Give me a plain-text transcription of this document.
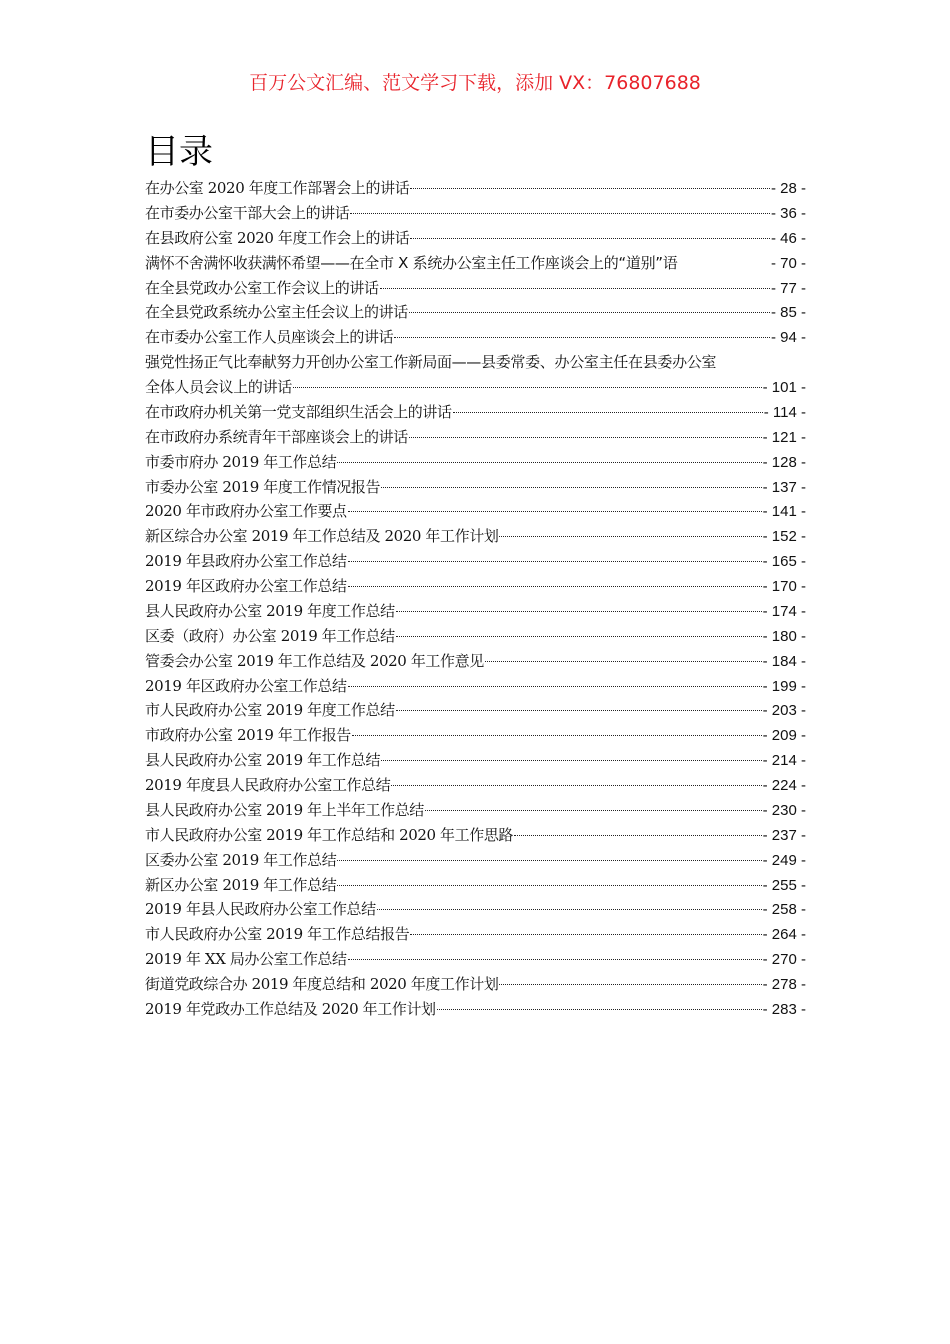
百万公文汇编、范文学习下载，添加 VX：76807688
目录
在办公室 2020 年度工作部署会上的讲话	- 28 -
在市委办公室干部大会上的讲话	- 36 -
在县政府公室 2020 年度工作会上的讲话	- 46 -
满怀不舍满怀收获满怀希望 ——在全市 X 系统办公室主任工作座谈会上的“道别”语	- 70 -
在全县党政办公室工作会议上的讲话	- 77 -
在全县党政系统办公室主任会议上的讲话	- 85 -
在市委办公室工作人员座谈会上的讲话	- 94 -
强党性扬正气比奉献努力开创办公室工作新局面 ——县委常委、办公室主任在县委办公室
全体人员会议上的讲话	- 101 -
在市政府办机关第一党支部组织生活会上的讲话	- 114 -
在市政府办系统青年干部座谈会上的讲话	- 121 -
市委市府办 2019 年工作总结	- 128 -
市委办公室 2019 年度工作情况报告	- 137 -
2020 年市政府办公室工作要点	- 141 -
新区综合办公室 2019 年工作总结及 2020 年工作计划	- 152 -
2019 年县政府办公室工作总结	- 165 -
2019 年区政府办公室工作总结	- 170 -
县人民政府办公室 2019 年度工作总结	- 174 -
区委（政府）办公室 2019 年工作总结	- 180 -
管委会办公室 2019 年工作总结及 2020 年工作意见	- 184 -
2019 年区政府办公室工作总结	- 199 -
市人民政府办公室 2019 年度工作总结	- 203 -
市政府办公室 2019 年工作报告	- 209 -
县人民政府办公室 2019 年工作总结	- 214 -
2019 年度县人民政府办公室工作总结	- 224 -
县人民政府办公室 2019 年上半年工作总结	- 230 -
市人民政府办公室 2019 年工作总结和 2020 年工作思路	- 237 -
区委办公室 2019 年工作总结	- 249 -
新区办公室 2019 年工作总结	- 255 -
2019 年县人民政府办公室工作总结	- 258 -
市人民政府办公室 2019 年工作总结报告	- 264 -
2019 年 XX 局办公室工作总结	- 270 -
街道党政综合办 2019 年度总结和 2020 年度工作计划	- 278 -
2019 年党政办工作总结及 2020 年工作计划	- 283 -
